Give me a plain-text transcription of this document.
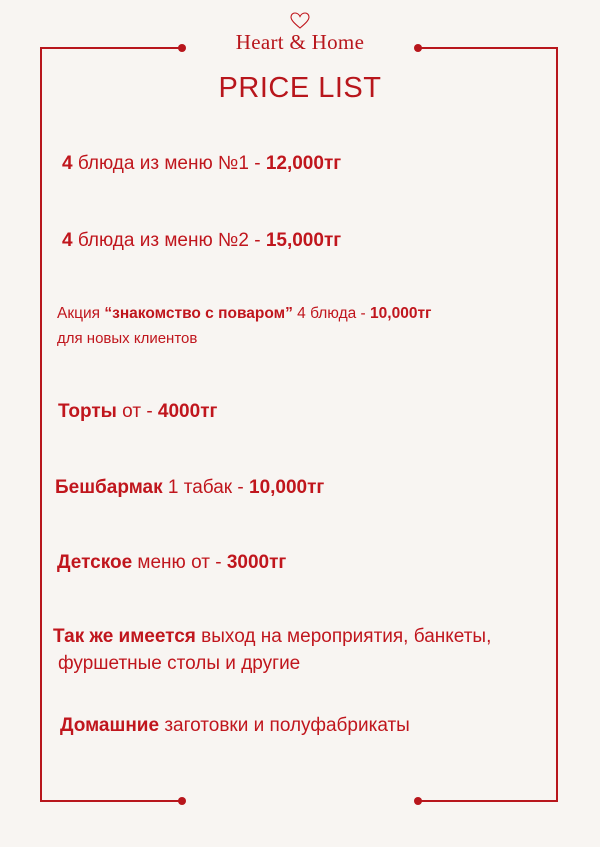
Heart & Home
PRICE LIST
4 блюда из меню №1 - 12,000тг
4 блюда из меню №2 - 15,000тг
Акция “знакомство с поваром” 4 блюда - 10,000тг
для новых клиентов
Торты от - 4000тг
Бешбармак 1 табак - 10,000тг
Детское меню от - 3000тг
Так же имеется выход на мероприятия, банкеты,
фуршетные столы и другие
Домашние заготовки и полуфабрикаты
